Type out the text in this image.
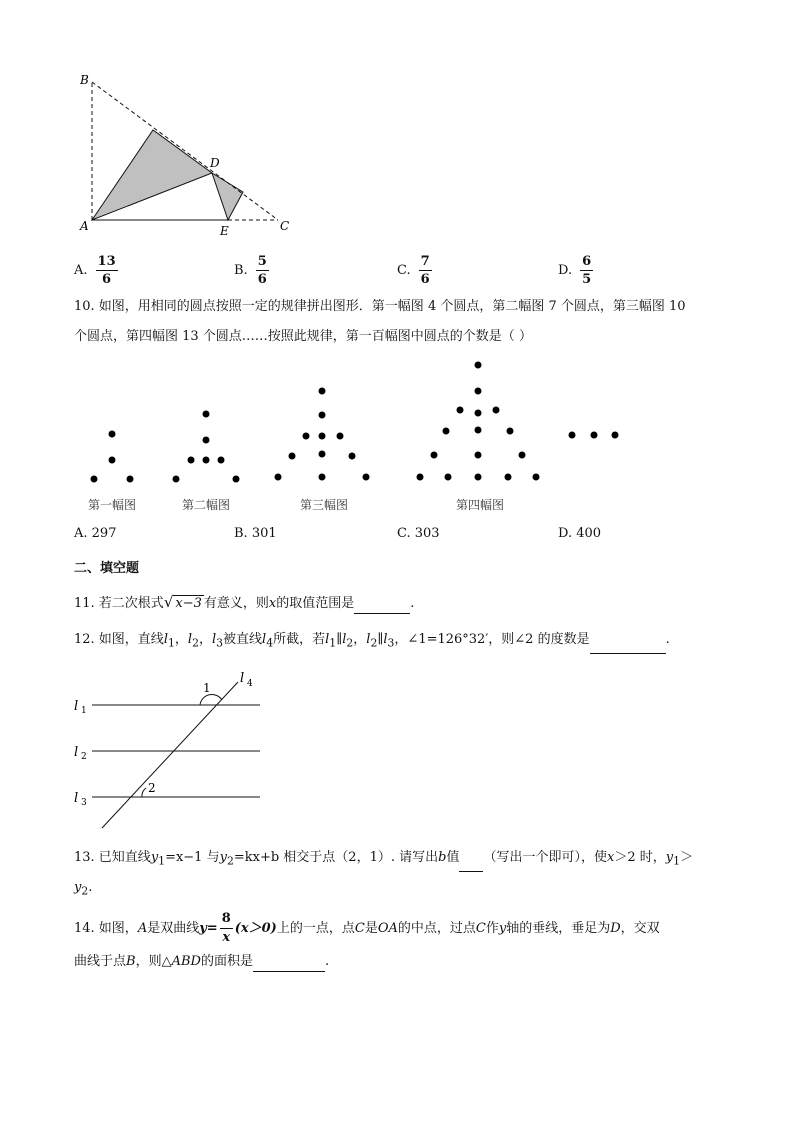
B
D
A	E	C
A. $\frac{13}{6}$	B. $\frac{5}{6}$	C. $\frac{7}{6}$	D. $\frac{6}{5}$
10. 如图，用相同的圆点按照一定的规律拼出图形．第一幅图 4 个圆点，第二幅图 7 个圆点，第三幅图 10
个圆点，第四幅图 13 个圆点……按照此规律，第一百幅图中圆点的个数是（ ）
第一幅图	第二幅图	第三幅图	第四幅图
A. 297	B. 301	C. 303	D. 400
二、填空题
11. 若二次根式√ x−3 有意义，则x的取值范围是	.
12. 如图，直线$l_1$，$l_2$，$l_3$被直线$l_4$所截，若$l_1\parallel l_2$，$l_2\parallel l_3$，∠1=126°32′，则∠2 的度数是	.
l 1
l 2
l 3
l 4
1
2
13. 已知直线$y_1=x-1$ 与$y_2=kx+b$ 相交于点（2，1）. 请写出b值 （写出一个即可），使x＞2 时，$y_1>$
$y_2$.
14. 如图，A是双曲线$y= \frac{8}{x} (x>0)$上的一点，点C是OA的中点，过点C作y轴的垂线，垂足为D，交双
曲线于点B，则△ABD的面积是	.
